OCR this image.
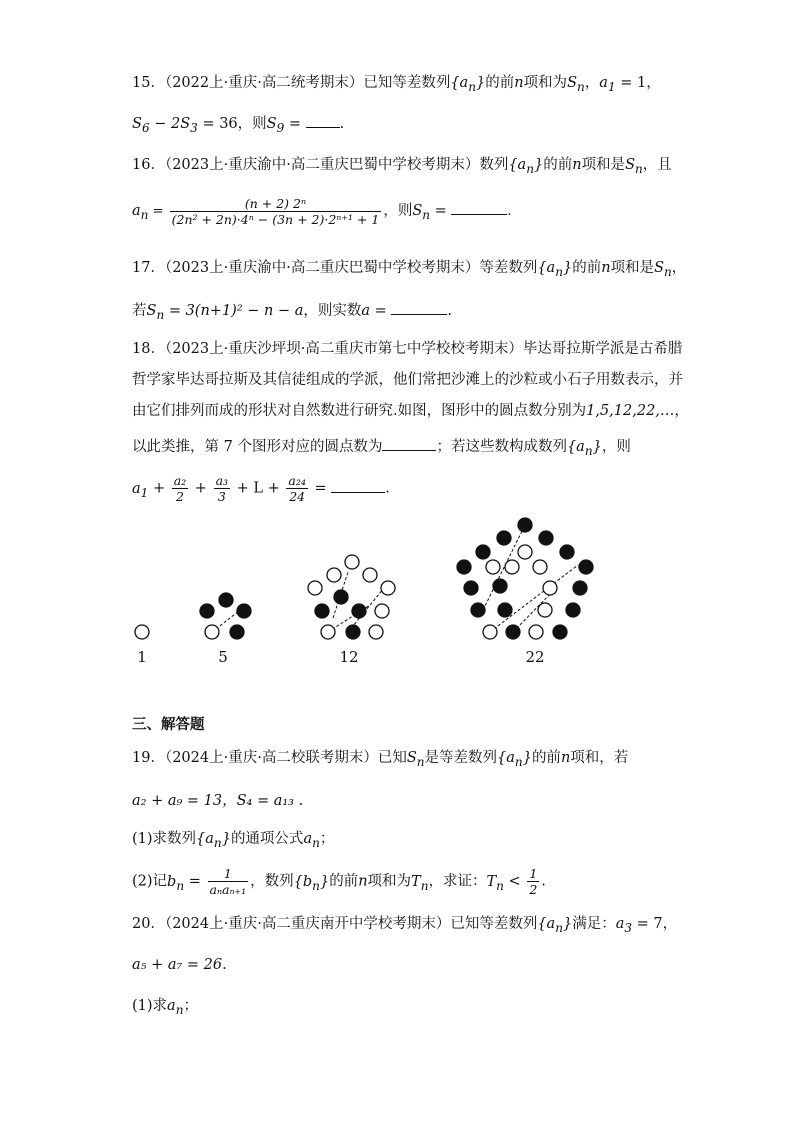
15．（2022上·重庆·高二统考期末）已知等差数列$\{a_n\}$的前n项和为$S_n$，$a_1 = 1$，
$S_6 - 2S_3 = 36$，则$S_9$ = .
16．（2023上·重庆渝中·高二重庆巴蜀中学校考期末）数列$\{a_n\}$的前n项和是$S_n$，且
$a_n = \frac{\text{(n + 2) 2ⁿ}}{\text{(2n² + 2n)·4ⁿ − (3n + 2)·2ⁿ⁺¹ + 1}}$ ，则$S_n$ =	.
17．（2023上·重庆渝中·高二重庆巴蜀中学校考期末）等差数列$\{a_n\}$的前n项和是$S_n$，
若$S_n = 3(n+1)^2 - n - a$，则实数a =	.
18．（2023上·重庆沙坪坝·高二重庆市第七中学校校考期末）毕达哥拉斯学派是古希腊
哲学家毕达哥拉斯及其信徒组成的学派，他们常把沙滩上的沙粒或小石子用数表示，并
由它们排列而成的形状对自然数进行研究.如图，图形中的圆点数分别为1,5,12,22,…，
以此类推，第 7 个图形对应的圆点数为	；若这些数构成数列$\{a_n\}$，则
$a_1 + \frac{\text{a₂}}{2} + \frac{\text{a₃}}{3} + L + \frac{\text{a₂₄}}{24}$ =	.
1	5	12	22
三、解答题
19．（2024上·重庆·高二校联考期末）已知$S_n$是等差数列$\{a_n\}$的前n项和，若
a₂ + a₉ = 13，S₄ = a₁₃ .
(1)求数列$\{a_n\}$的通项公式$a_n$；
(2)记$b_n = \frac{1}{\text{aₙaₙ₊₁}}$ ，数列$\{b_n\}$的前n项和为$T_n$，求证：$T_n < \frac{1}{2}$ .
20．（2024上·重庆·高二重庆南开中学校考期末）已知等差数列$\{a_n\}$满足：$a_3 = 7$，
a₅ + a₇ = 26.
(1)求$a_n$；
